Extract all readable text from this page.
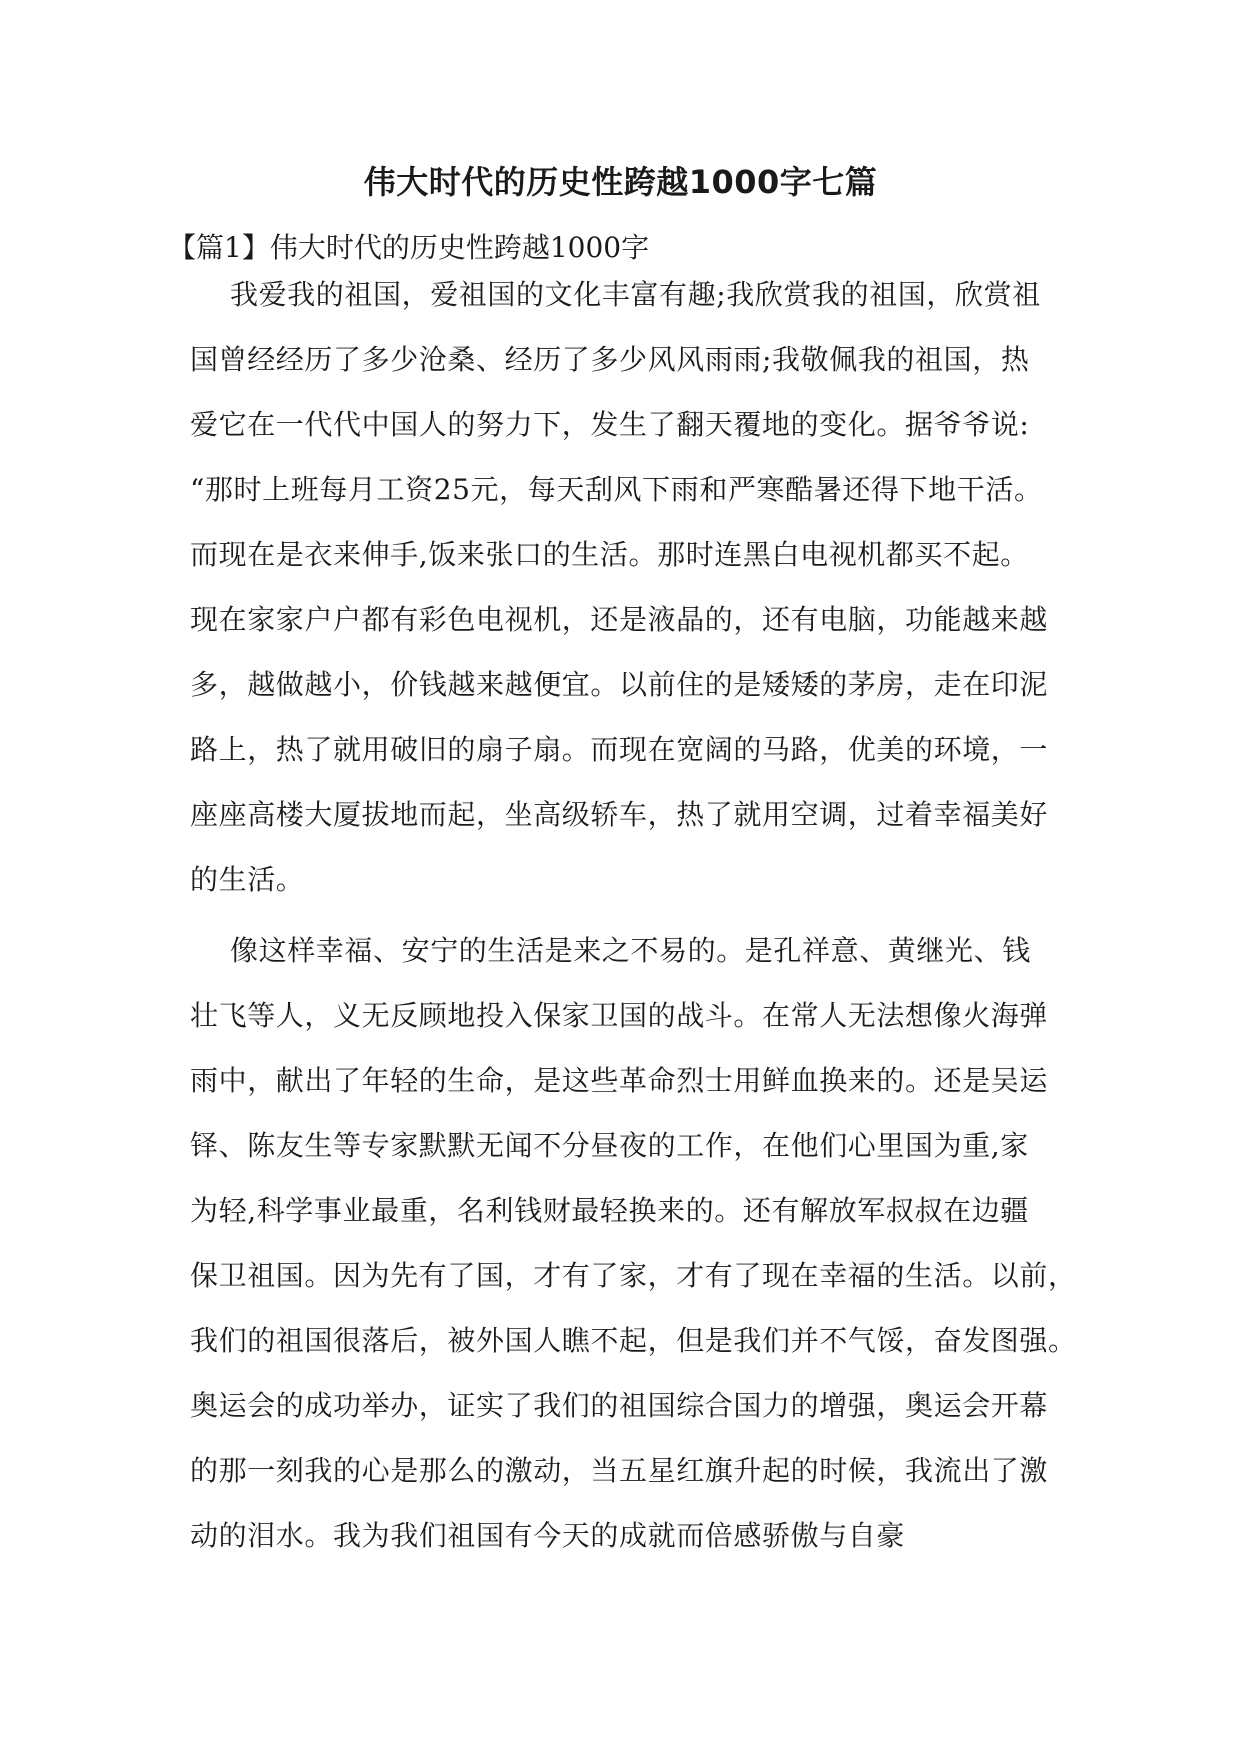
伟大时代的历史性跨越1000字七篇
【篇1】伟大时代的历史性跨越1000字
我爱我的祖国，爱祖国的文化丰富有趣;我欣赏我的祖国，欣赏祖
国曾经经历了多少沧桑、经历了多少风风雨雨;我敬佩我的祖国，热
爱它在一代代中国人的努力下，发生了翻天覆地的变化。据爷爷说:
“那时上班每月工资25元，每天刮风下雨和严寒酷暑还得下地干活。
而现在是衣来伸手,饭来张口的生活。那时连黑白电视机都买不起。
现在家家户户都有彩色电视机，还是液晶的，还有电脑，功能越来越
多，越做越小，价钱越来越便宜。以前住的是矮矮的茅房，走在印泥
路上，热了就用破旧的扇子扇。而现在宽阔的马路，优美的环境，一
座座高楼大厦拔地而起，坐高级轿车，热了就用空调，过着幸福美好
的生活。
像这样幸福、安宁的生活是来之不易的。是孔祥意、黄继光、钱
壮飞等人，义无反顾地投入保家卫国的战斗。在常人无法想像火海弹
雨中，献出了年轻的生命，是这些革命烈士用鲜血换来的。还是吴运
铎、陈友生等专家默默无闻不分昼夜的工作，在他们心里国为重,家
为轻,科学事业最重，名利钱财最轻换来的。还有解放军叔叔在边疆
保卫祖国。因为先有了国，才有了家，才有了现在幸福的生活。以前，
我们的祖国很落后，被外国人瞧不起，但是我们并不气馁，奋发图强。
奥运会的成功举办，证实了我们的祖国综合国力的增强，奥运会开幕
的那一刻我的心是那么的激动，当五星红旗升起的时候，我流出了激
动的泪水。我为我们祖国有今天的成就而倍感骄傲与自豪
